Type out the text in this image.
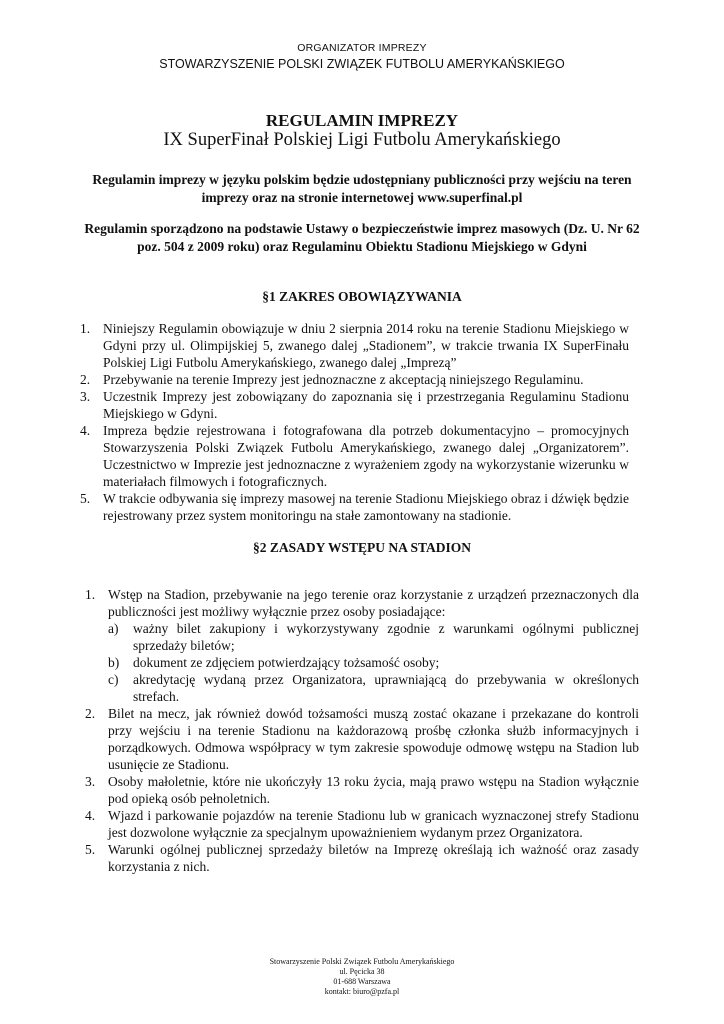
ORGANIZATOR IMPREZY
STOWARZYSZENIE POLSKI ZWIĄZEK FUTBOLU AMERYKAŃSKIEGO
REGULAMIN IMPREZY
IX SuperFinał Polskiej Ligi Futbolu Amerykańskiego

Regulamin imprezy w języku polskim będzie udostępniany publiczności przy wejściu na teren imprezy oraz na stronie internetowej www.superfinal.pl

Regulamin sporządzono na podstawie Ustawy o bezpieczeństwie imprez masowych (Dz. U. Nr 62 poz. 504 z 2009 roku) oraz Regulaminu Obiektu Stadionu Miejskiego w Gdyni

§1 ZAKRES OBOWIĄZYWANIA
1. Niniejszy Regulamin obowiązuje w dniu 2 sierpnia 2014 roku na terenie Stadionu Miejskiego w Gdyni przy ul. Olimpijskiej 5, zwanego dalej „Stadionem”, w trakcie trwania IX SuperFinału Polskiej Ligi Futbolu Amerykańskiego, zwanego dalej „Imprezą”
2. Przebywanie na terenie Imprezy jest jednoznaczne z akceptacją niniejszego Regulaminu.
3. Uczestnik Imprezy jest zobowiązany do zapoznania się i przestrzegania Regulaminu Stadionu Miejskiego w Gdyni.
4. Impreza będzie rejestrowana i fotografowana dla potrzeb dokumentacyjno – promocyjnych Stowarzyszenia Polski Związek Futbolu Amerykańskiego, zwanego dalej „Organizatorem”. Uczestnictwo w Imprezie jest jednoznaczne z wyrażeniem zgody na wykorzystanie wizerunku w materiałach filmowych i fotograficznych.
5. W trakcie odbywania się imprezy masowej na terenie Stadionu Miejskiego obraz i dźwięk będzie rejestrowany przez system monitoringu na stałe zamontowany na stadionie.
§2 ZASADY WSTĘPU NA STADION
1. Wstęp na Stadion, przebywanie na jego terenie oraz korzystanie z urządzeń przeznaczonych dla publiczności jest możliwy wyłącznie przez osoby posiadające:
a) ważny bilet zakupiony i wykorzystywany zgodnie z warunkami ogólnymi publicznej sprzedaży biletów;
b) dokument ze zdjęciem potwierdzający tożsamość osoby;
c) akredytację wydaną przez Organizatora, uprawniającą do przebywania w określonych strefach.
2. Bilet na mecz, jak również dowód tożsamości muszą zostać okazane i przekazane do kontroli przy wejściu i na terenie Stadionu na każdorazową prośbę członka służb informacyjnych i porządkowych. Odmowa współpracy w tym zakresie spowoduje odmowę wstępu na Stadion lub usunięcie ze Stadionu.
3. Osoby małoletnie, które nie ukończyły 13 roku życia, mają prawo wstępu na Stadion wyłącznie pod opieką osób pełnoletnich.
4. Wjazd i parkowanie pojazdów na terenie Stadionu lub w granicach wyznaczonej strefy Stadionu jest dozwolone wyłącznie za specjalnym upoważnieniem wydanym przez Organizatora.
5. Warunki ogólnej publicznej sprzedaży biletów na Imprezę określają ich ważność oraz zasady korzystania z nich.
Stowarzyszenie Polski Związek Futbolu Amerykańskiego
ul. Pęcicka 38
01-688 Warszawa
kontakt: biuro@pzfa.pl
